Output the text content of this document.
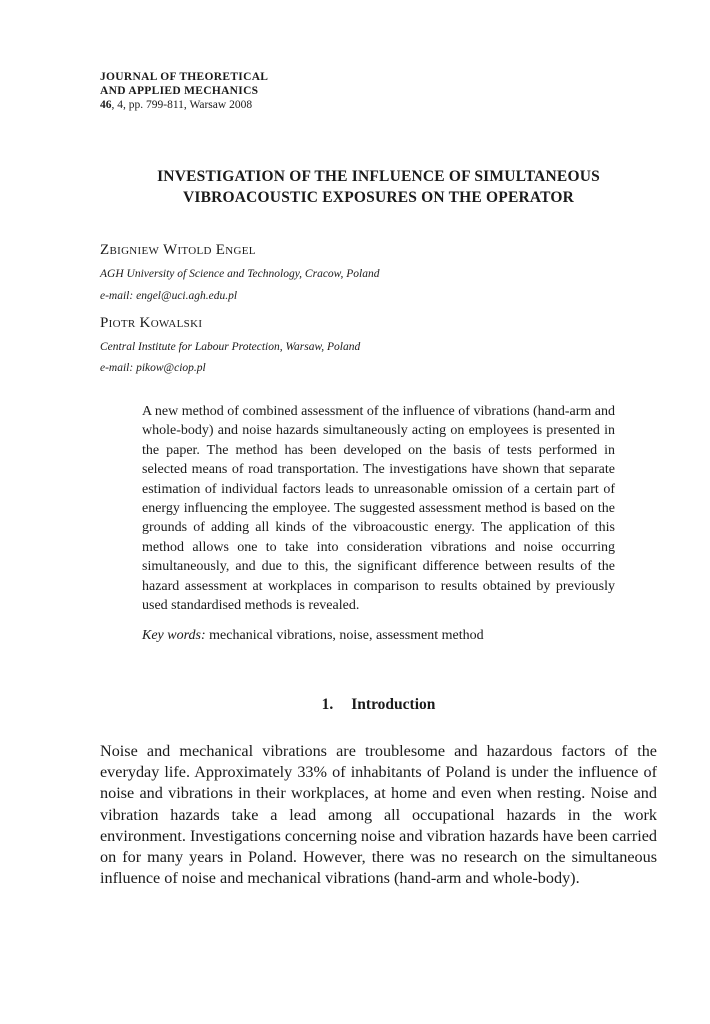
JOURNAL OF THEORETICAL
AND APPLIED MECHANICS
46, 4, pp. 799-811, Warsaw 2008
INVESTIGATION OF THE INFLUENCE OF SIMULTANEOUS
VIBROACOUSTIC EXPOSURES ON THE OPERATOR
Zbigniew Witold Engel
AGH University of Science and Technology, Cracow, Poland
e-mail: engel@uci.agh.edu.pl
Piotr Kowalski
Central Institute for Labour Protection, Warsaw, Poland
e-mail: pikow@ciop.pl
A new method of combined assessment of the influence of vibrations (hand-arm and whole-body) and noise hazards simultaneously acting on employees is presented in the paper. The method has been developed on the basis of tests performed in selected means of road transportation. The investigations have shown that separate estimation of individual factors leads to unreasonable omission of a certain part of energy influencing the employee. The suggested assessment method is based on the grounds of adding all kinds of the vibroacoustic energy. The application of this method allows one to take into consideration vibrations and noise occurring simultaneously, and due to this, the significant difference between results of the hazard assessment at workplaces in comparison to results obtained by previously used standardised methods is revealed.
Key words: mechanical vibrations, noise, assessment method
1. Introduction
Noise and mechanical vibrations are troublesome and hazardous factors of the everyday life. Approximately 33% of inhabitants of Poland is under the influence of noise and vibrations in their workplaces, at home and even when resting. Noise and vibration hazards take a lead among all occupational hazards in the work environment. Investigations concerning noise and vibration hazards have been carried on for many years in Poland. However, there was no research on the simultaneous influence of noise and mechanical vibrations (hand-arm and whole-body).
